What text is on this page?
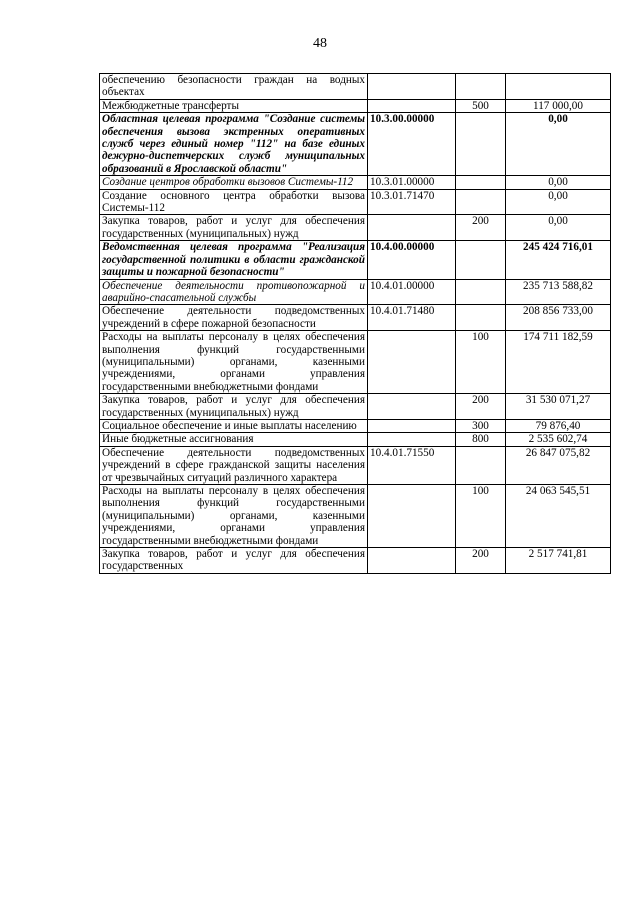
48
обеспечению безопасности граждан на водных объектах			
Межбюджетные трансферты		500	117 000,00
Областная целевая программа "Создание системы обеспечения вызова экстренных оперативных служб через единый номер "112" на базе единых дежурно-диспетчерских служб муниципальных образований в Ярославской области"	10.3.00.00000		0,00
Создание центров обработки вызовов Системы-112	10.3.01.00000		0,00
Создание основного центра обработки вызова Системы-112	10.3.01.71470		0,00
Закупка товаров, работ и услуг для обеспечения государственных (муниципальных) нужд		200	0,00
Ведомственная целевая программа "Реализация государственной политики в области гражданской защиты и пожарной безопасности"	10.4.00.00000		245 424 716,01
Обеспечение деятельности противопожарной и аварийно-спасательной службы	10.4.01.00000		235 713 588,82
Обеспечение деятельности подведомственных учреждений в сфере пожарной безопасности	10.4.01.71480		208 856 733,00
Расходы на выплаты персоналу в целях обеспечения выполнения функций государственными (муниципальными) органами, казенными учреждениями, органами управления государственными внебюджетными фондами		100	174 711 182,59
Закупка товаров, работ и услуг для обеспечения государственных (муниципальных) нужд		200	31 530 071,27
Социальное обеспечение и иные выплаты населению		300	79 876,40
Иные бюджетные ассигнования		800	2 535 602,74
Обеспечение деятельности подведомственных учреждений в сфере гражданской защиты населения от чрезвычайных ситуаций различного характера	10.4.01.71550		26 847 075,82
Расходы на выплаты персоналу в целях обеспечения выполнения функций государственными (муниципальными) органами, казенными учреждениями, органами управления государственными внебюджетными фондами		100	24 063 545,51
Закупка товаров, работ и услуг для обеспечения государственных		200	2 517 741,81
